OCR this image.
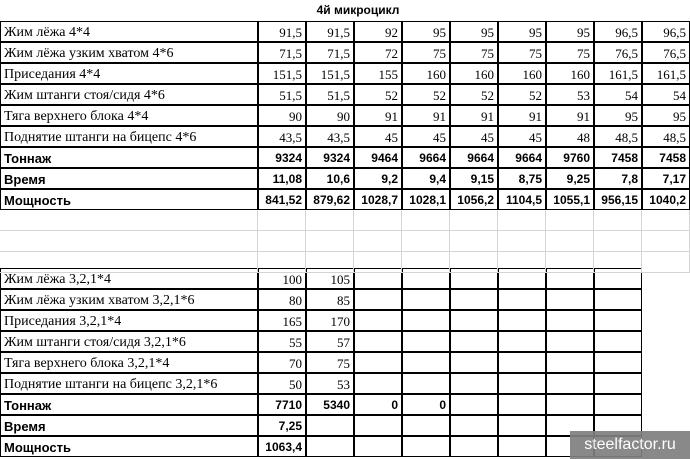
4й микроцикл
Жим лёжа 4*4	91,5	91,5	92	95	95	95	95	96,5	96,5
Жим лёжа узким хватом 4*6	71,5	71,5	72	75	75	75	75	76,5	76,5
Приседания 4*4	151,5	151,5	155	160	160	160	160	161,5	161,5
Жим штанги стоя/сидя 4*6	51,5	51,5	52	52	52	52	53	54	54
Тяга верхнего блока 4*4	90	90	91	91	91	91	91	95	95
Поднятие штанги на бицепс 4*6	43,5	43,5	45	45	45	45	48	48,5	48,5
Тоннаж	9324	9324	9464	9664	9664	9664	9760	7458	7458
Время	11,08	10,6	9,2	9,4	9,15	8,75	9,25	7,8	7,17
Мощность	841,52 879,62 1028,7 1028,1 1056,2 1104,5 1055,1 956,15 1040,2
Жим лёжа 3,2,1*4	100	105
Жим лёжа узким хватом 3,2,1*6	80	85
Приседания 3,2,1*4	165	170
Жим штанги стоя/сидя 3,2,1*6	55	57
Тяга верхнего блока 3,2,1*4	70	75
Поднятие штанги на бицепс 3,2,1*6	50	53
Тоннаж	7710	5340	0	0
Время	7,25
Мощность	1063,4	steelfactor.ru
